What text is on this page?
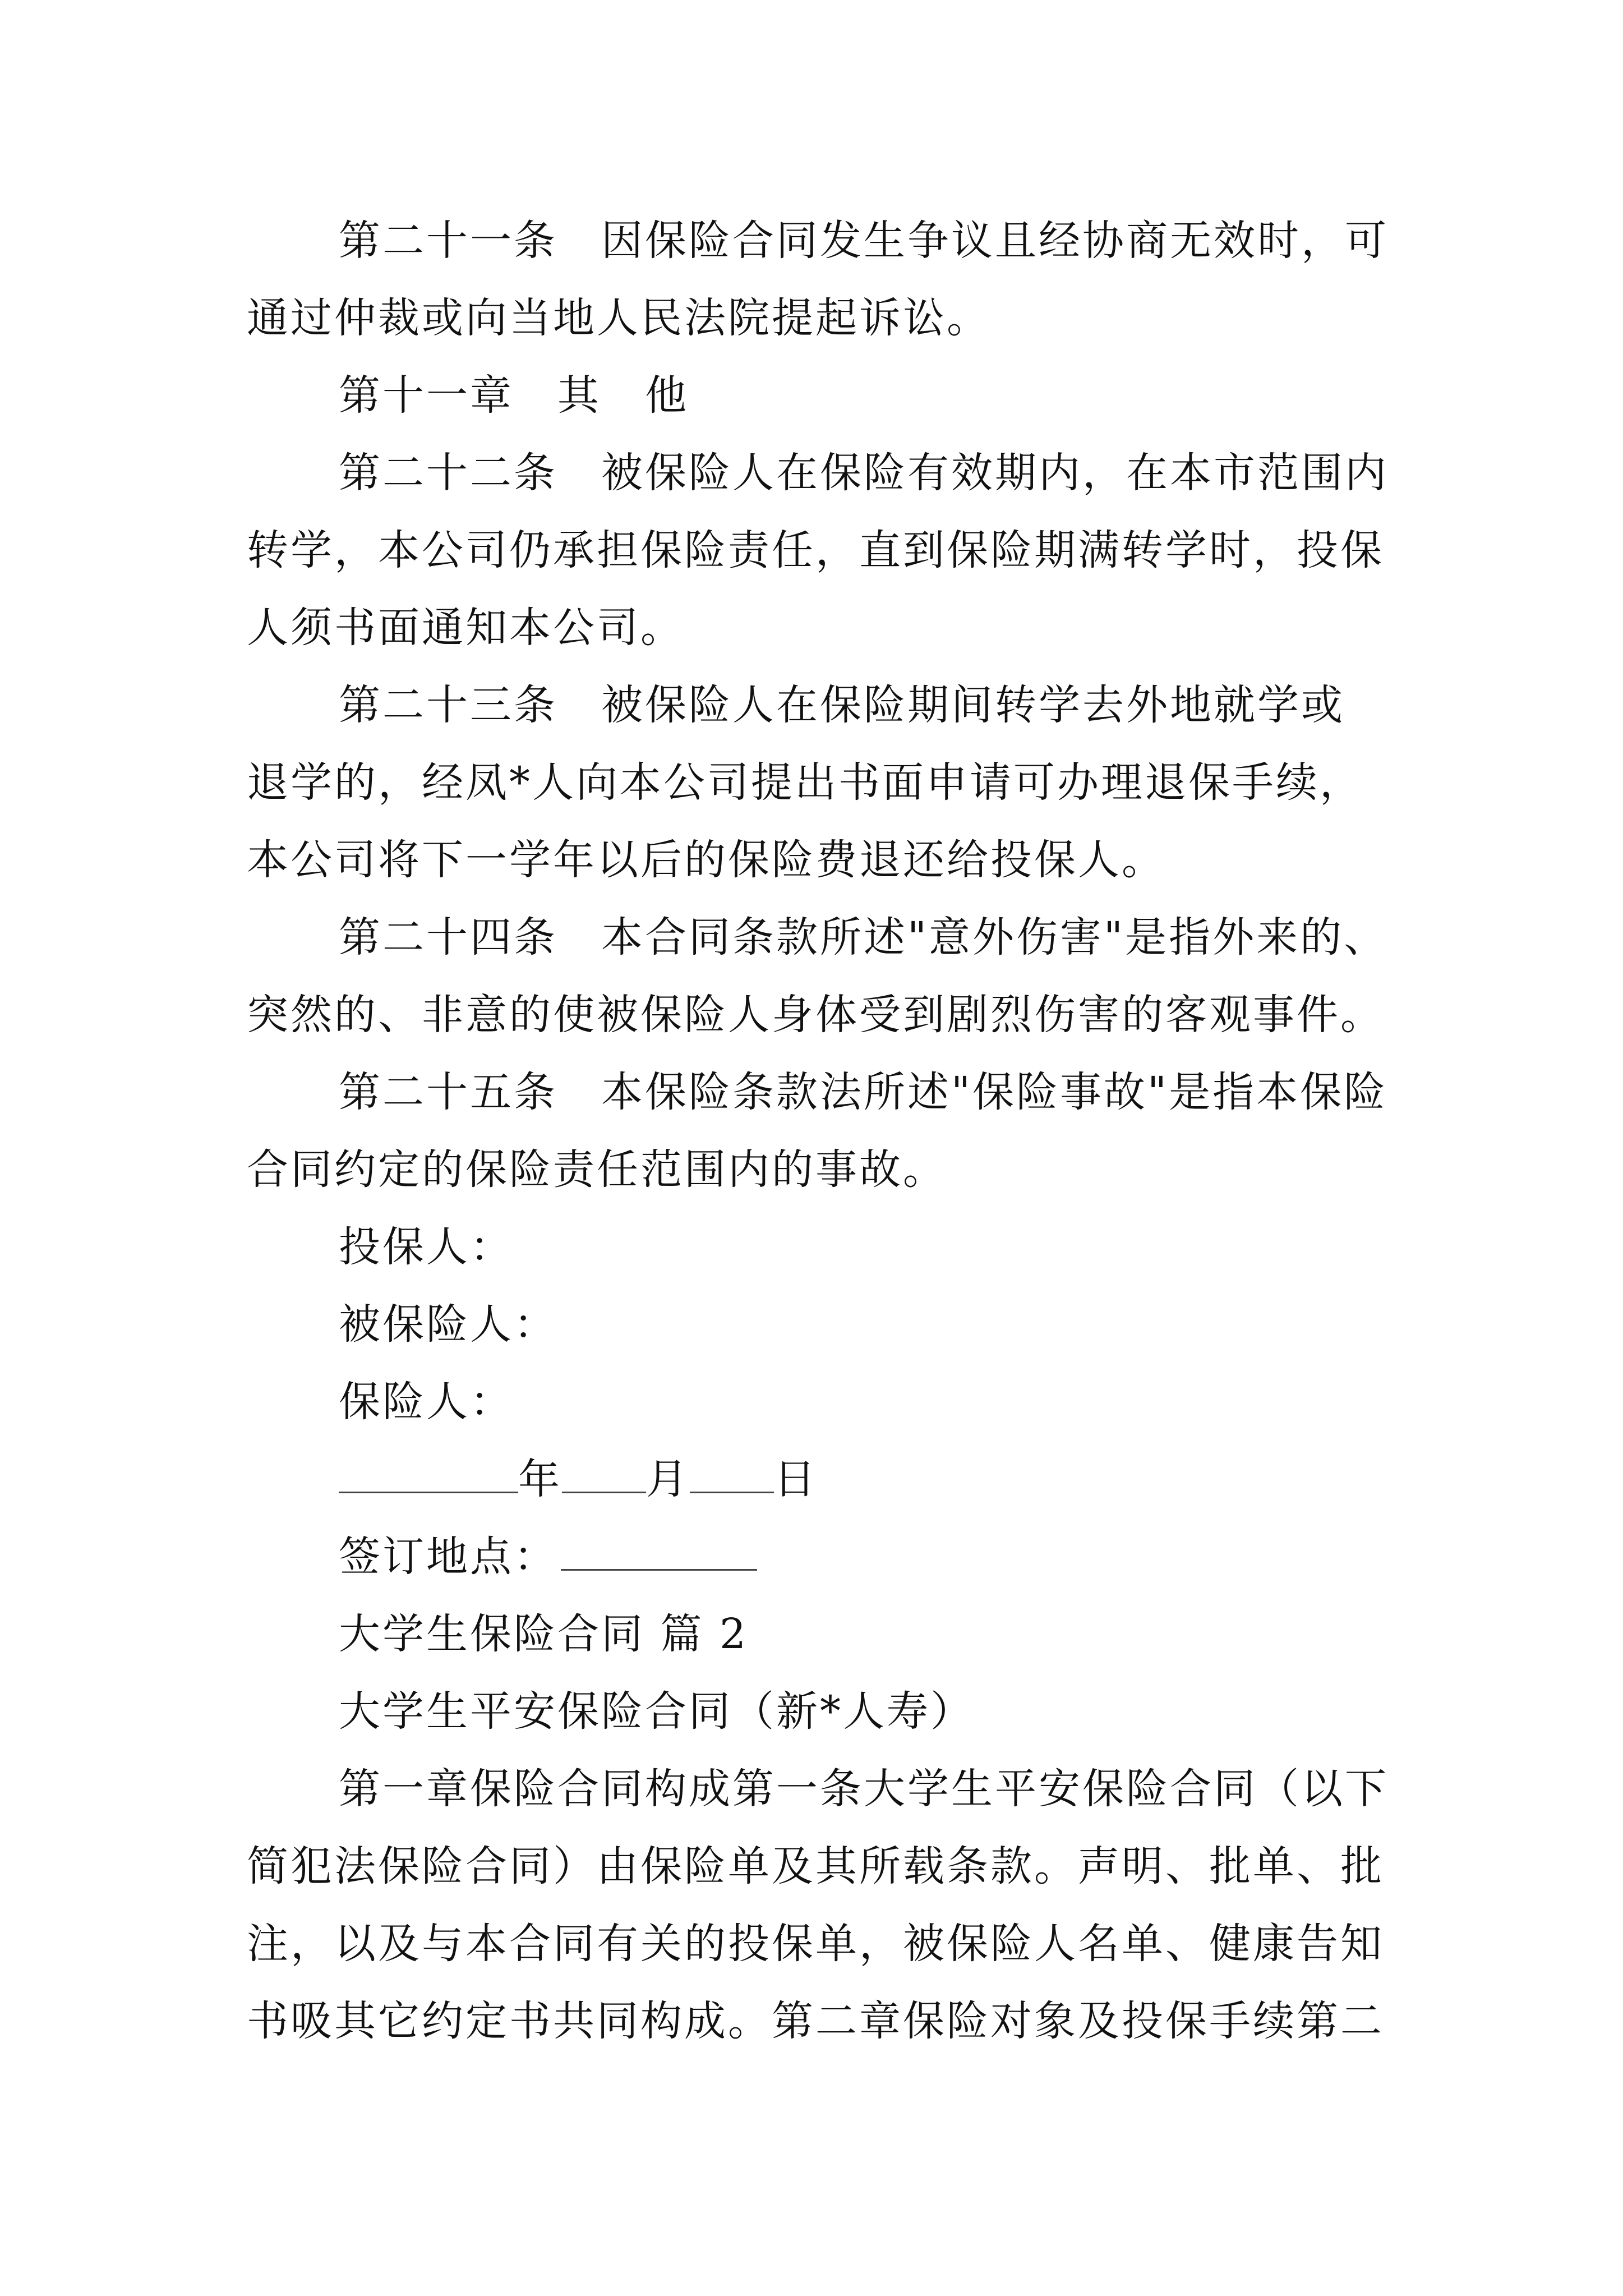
第二十一条　因保险合同发生争议且经协商无效时，可
通过仲裁或向当地人民法院提起诉讼。

第十一章　其　他

第二十二条　被保险人在保险有效期内，在本市范围内
转学，本公司仍承担保险责任，直到保险期满转学时，投保
人须书面通知本公司。

第二十三条　被保险人在保险期间转学去外地就学或
退学的，经凤*人向本公司提出书面申请可办理退保手续，
本公司将下一学年以后的保险费退还给投保人。

第二十四条　本合同条款所述"意外伤害"是指外来的、
突然的、非意的使被保险人身体受到剧烈伤害的客观事件。

第二十五条　本保险条款法所述"保险事故"是指本保险
合同约定的保险责任范围内的事故。

投保人：

被保险人：

保险人：

年 月 日

签订地点：

大学生保险合同 篇 2

大学生平安保险合同（新*人寿）

第一章保险合同构成第一条大学生平安保险合同（以下
简犯法保险合同）由保险单及其所载条款。声明、批单、批
注，以及与本合同有关的投保单，被保险人名单、健康告知
书吸其它约定书共同构成。第二章保险对象及投保手续第二
